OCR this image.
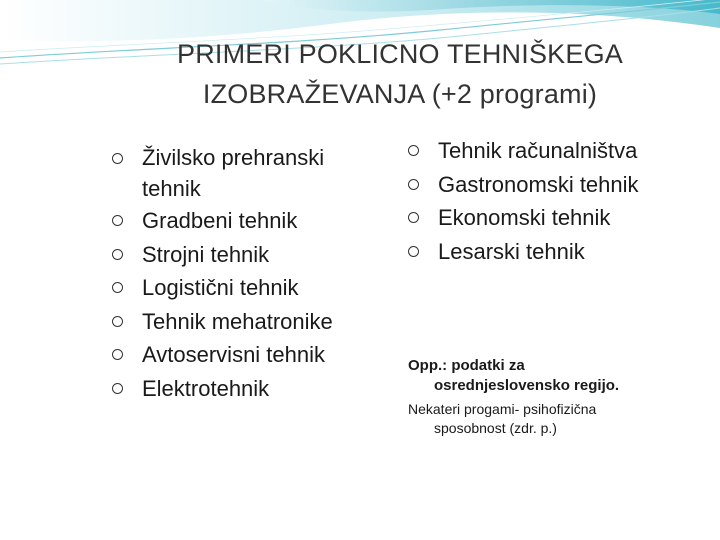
PRIMERI POKLICNO TEHNIŠKEGA
IZOBRAŽEVANJA (+2 programi)
Živilsko prehranski
tehnik
Gradbeni tehnik
Strojni tehnik
Logistični tehnik
Tehnik mehatronike
Avtoservisni tehnik
Elektrotehnik
Tehnik računalništva
Gastronomski tehnik
Ekonomski tehnik
Lesarski tehnik
Opp.: podatki za
osrednjeslovensko regijo.
Nekateri progami- psihofizična
sposobnost (zdr. p.)
